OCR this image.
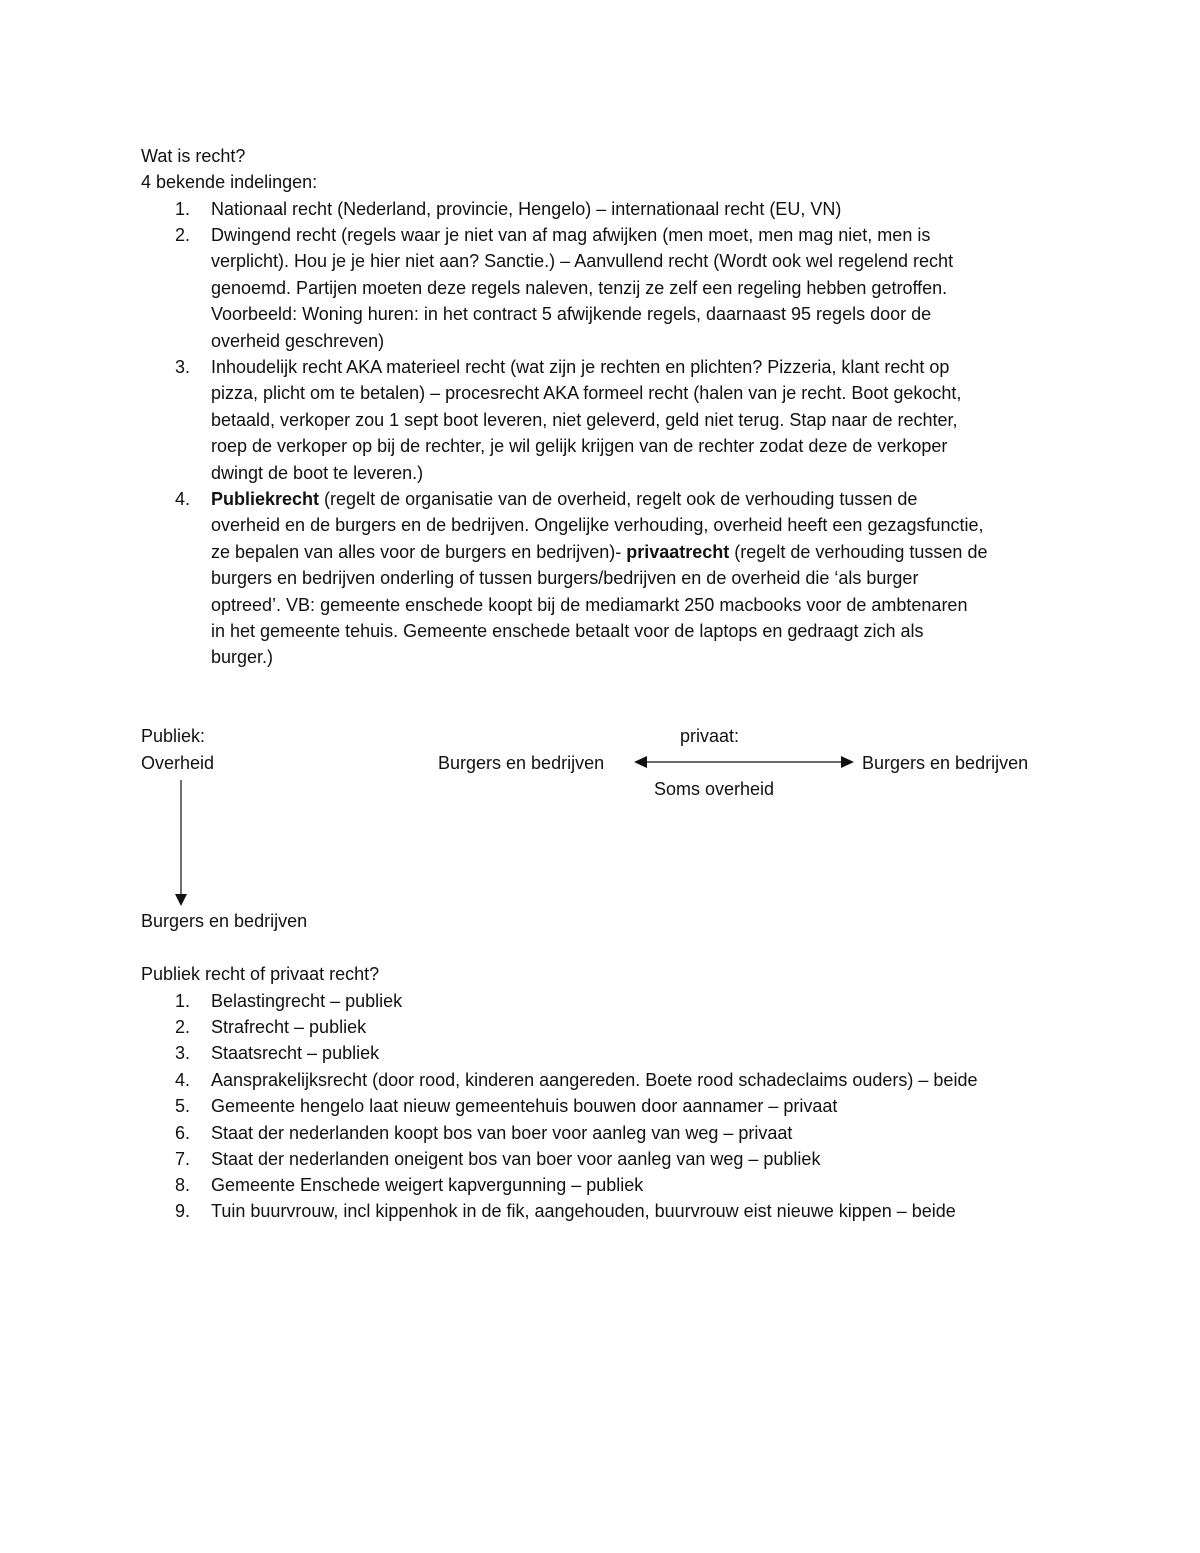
Wat is recht?
4 bekende indelingen:
1. Nationaal recht (Nederland, provincie, Hengelo) – internationaal recht (EU, VN)
2. Dwingend recht (regels waar je niet van af mag afwijken (men moet, men mag niet, men is
verplicht). Hou je je hier niet aan? Sanctie.) – Aanvullend recht (Wordt ook wel regelend recht
genoemd. Partijen moeten deze regels naleven, tenzij ze zelf een regeling hebben getroffen.
Voorbeeld: Woning huren: in het contract 5 afwijkende regels, daarnaast 95 regels door de
overheid geschreven)
3. Inhoudelijk recht AKA materieel recht (wat zijn je rechten en plichten? Pizzeria, klant recht op
pizza, plicht om te betalen) – procesrecht AKA formeel recht (halen van je recht. Boot gekocht,
betaald, verkoper zou 1 sept boot leveren, niet geleverd, geld niet terug. Stap naar de rechter,
roep de verkoper op bij de rechter, je wil gelijk krijgen van de rechter zodat deze de verkoper
dwingt de boot te leveren.)
4. Publiekrecht (regelt de organisatie van de overheid, regelt ook de verhouding tussen de
overheid en de burgers en de bedrijven. Ongelijke verhouding, overheid heeft een gezagsfunctie,
ze bepalen van alles voor de burgers en bedrijven)- privaatrecht (regelt de verhouding tussen de
burgers en bedrijven onderling of tussen burgers/bedrijven en de overheid die ‘als burger
optreed’. VB: gemeente enschede koopt bij de mediamarkt 250 macbooks voor de ambtenaren
in het gemeente tehuis. Gemeente enschede betaalt voor de laptops en gedraagt zich als
burger.)
Publiek:
Overheid
privaat:
Burgers en bedrijven	Burgers en bedrijven
Soms overheid
Burgers en bedrijven
Publiek recht of privaat recht?
1. Belastingrecht – publiek
2. Strafrecht – publiek
3. Staatsrecht – publiek
4. Aansprakelijksrecht (door rood, kinderen aangereden. Boete rood schadeclaims ouders) – beide
5. Gemeente hengelo laat nieuw gemeentehuis bouwen door aannamer – privaat
6. Staat der nederlanden koopt bos van boer voor aanleg van weg – privaat
7. Staat der nederlanden oneigent bos van boer voor aanleg van weg – publiek
8. Gemeente Enschede weigert kapvergunning – publiek
9. Tuin buurvrouw, incl kippenhok in de fik, aangehouden, buurvrouw eist nieuwe kippen – beide
